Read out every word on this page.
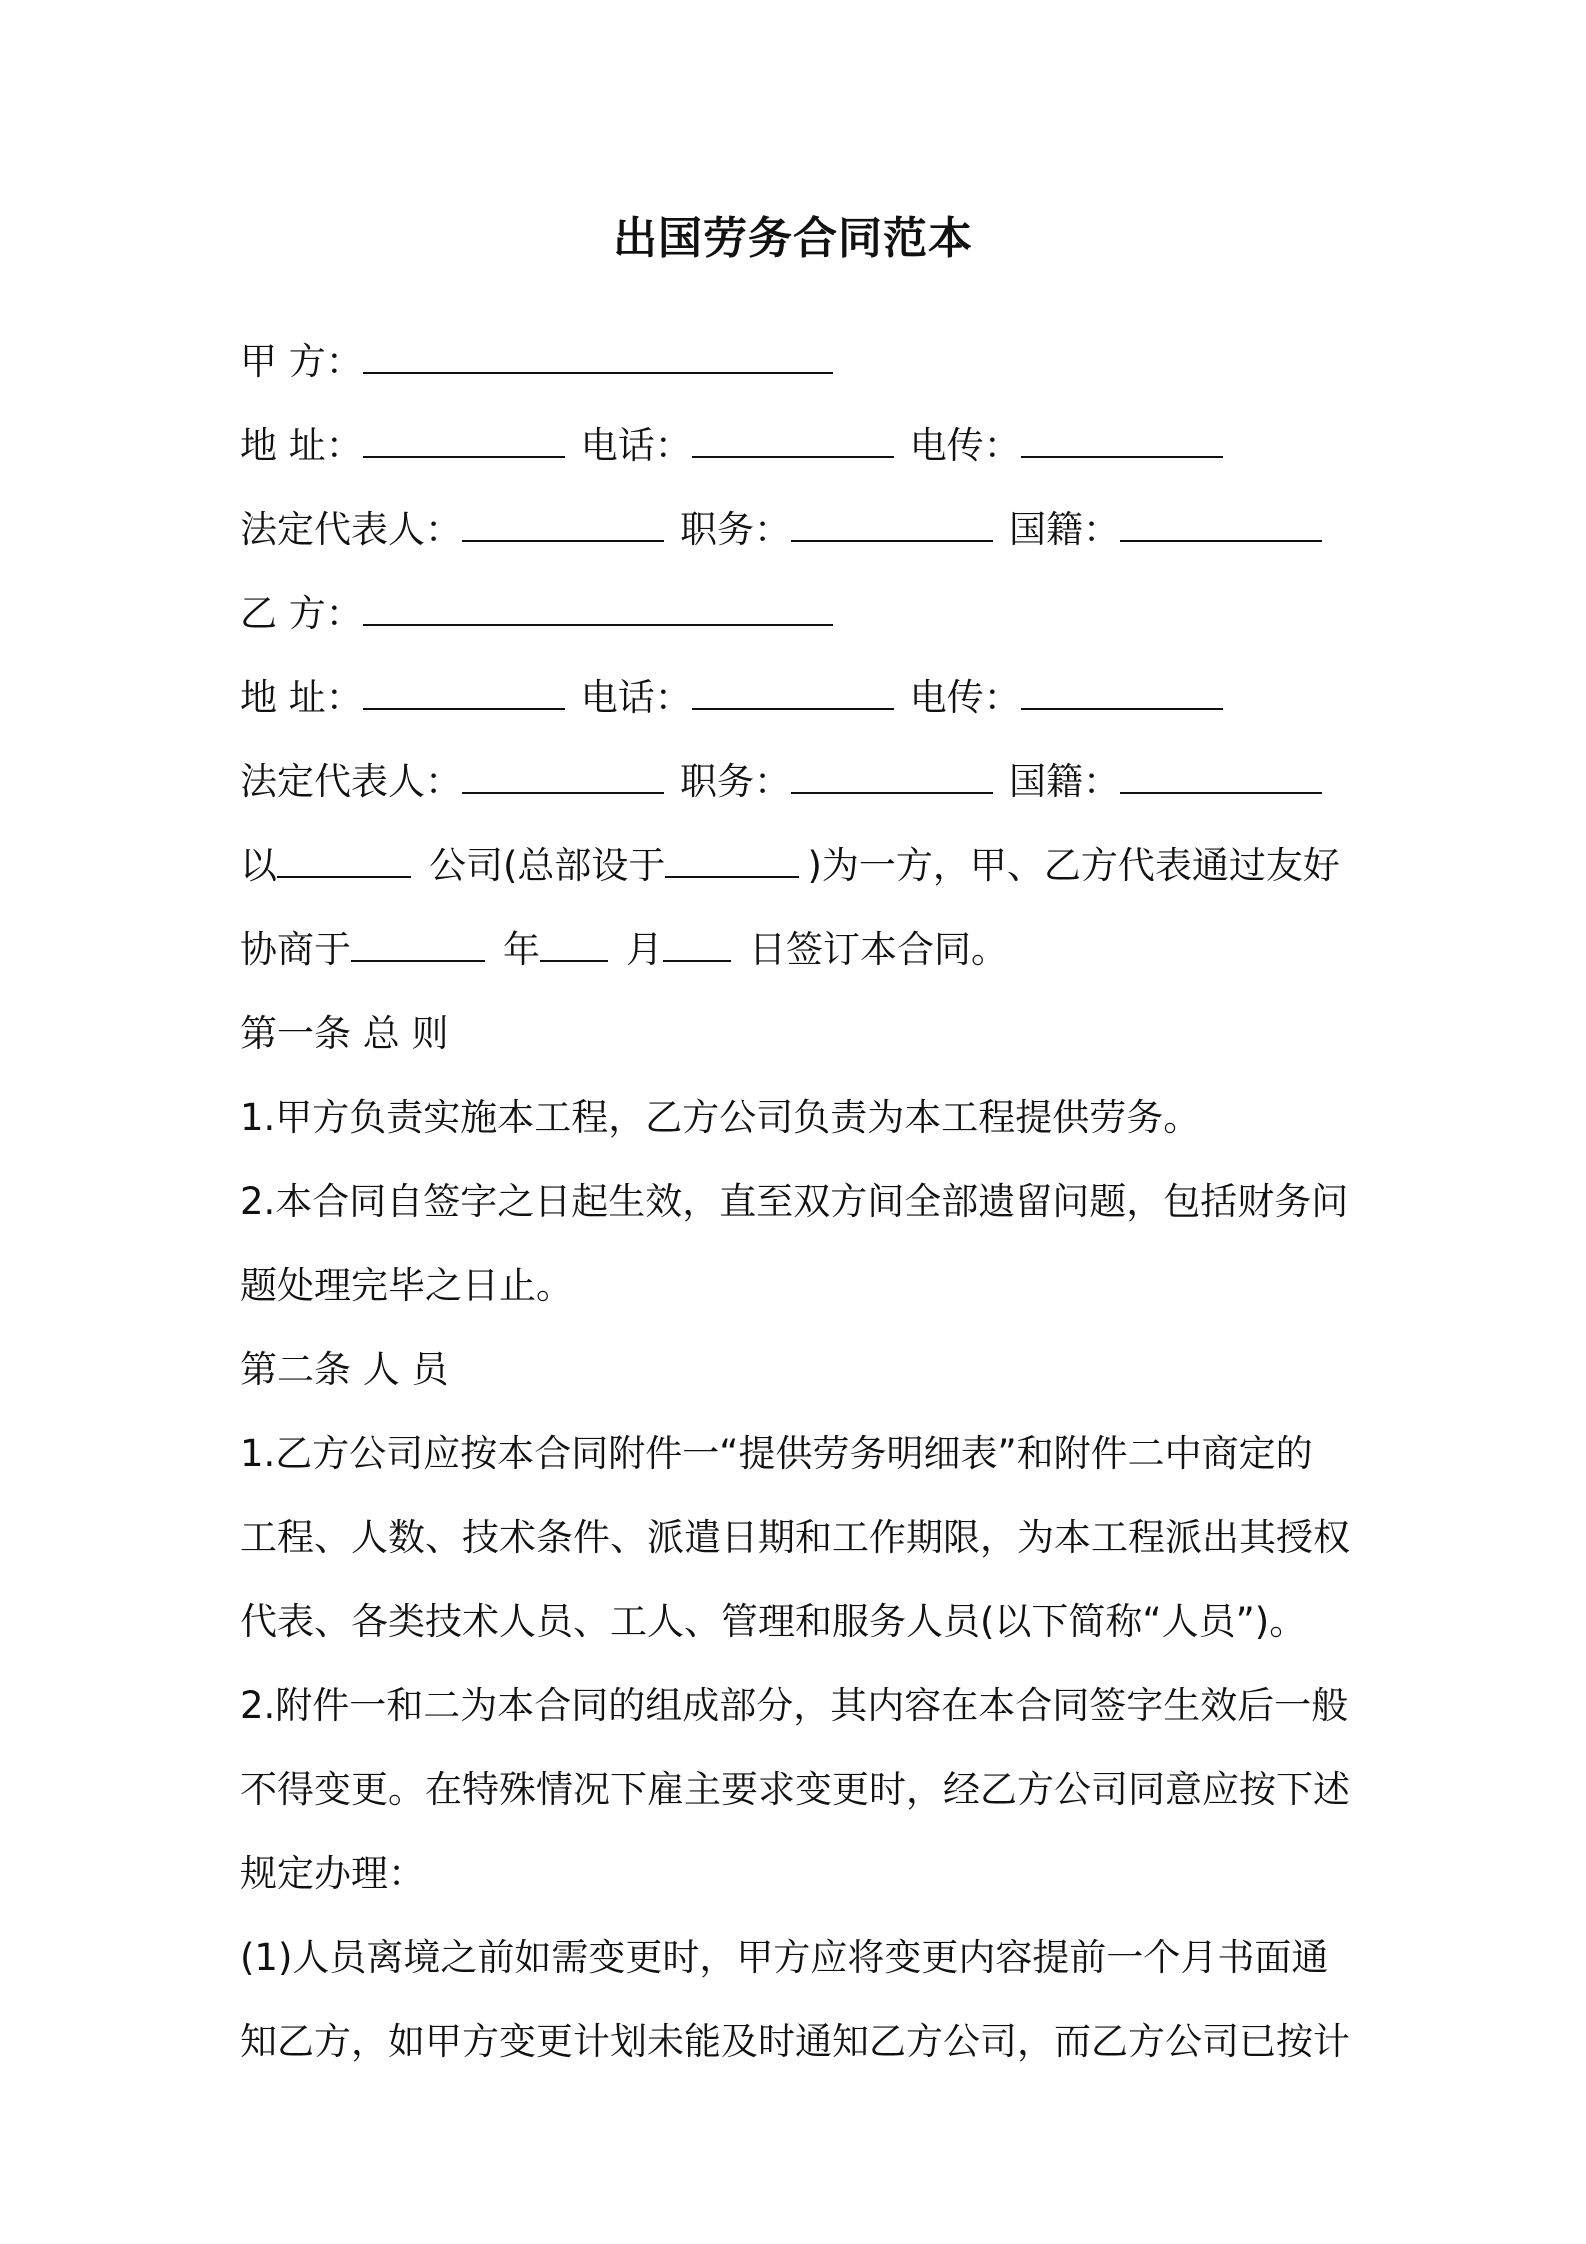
出国劳务合同范本
甲 方：
地 址：	电话：	电传：
法定代表人：	职务：	国籍：
乙 方：
地 址：	电话：	电传：
法定代表人：	职务：	国籍：
以	公司(总部设于	)为一方，甲、乙方代表通过友好
协商于	年 月 日签订本合同。
第一条 总 则
1.甲方负责实施本工程，乙方公司负责为本工程提供劳务。
2.本合同自签字之日起生效，直至双方间全部遗留问题，包括财务问
题处理完毕之日止。
第二条 人 员
1.乙方公司应按本合同附件一“提供劳务明细表”和附件二中商定的
工程、人数、技术条件、派遣日期和工作期限，为本工程派出其授权
代表、各类技术人员、工人、管理和服务人员(以下简称“人员”)。
2.附件一和二为本合同的组成部分，其内容在本合同签字生效后一般
不得变更。在特殊情况下雇主要求变更时，经乙方公司同意应按下述
规定办理：
(1)人员离境之前如需变更时，甲方应将变更内容提前一个月书面通
知乙方，如甲方变更计划未能及时通知乙方公司，而乙方公司已按计
